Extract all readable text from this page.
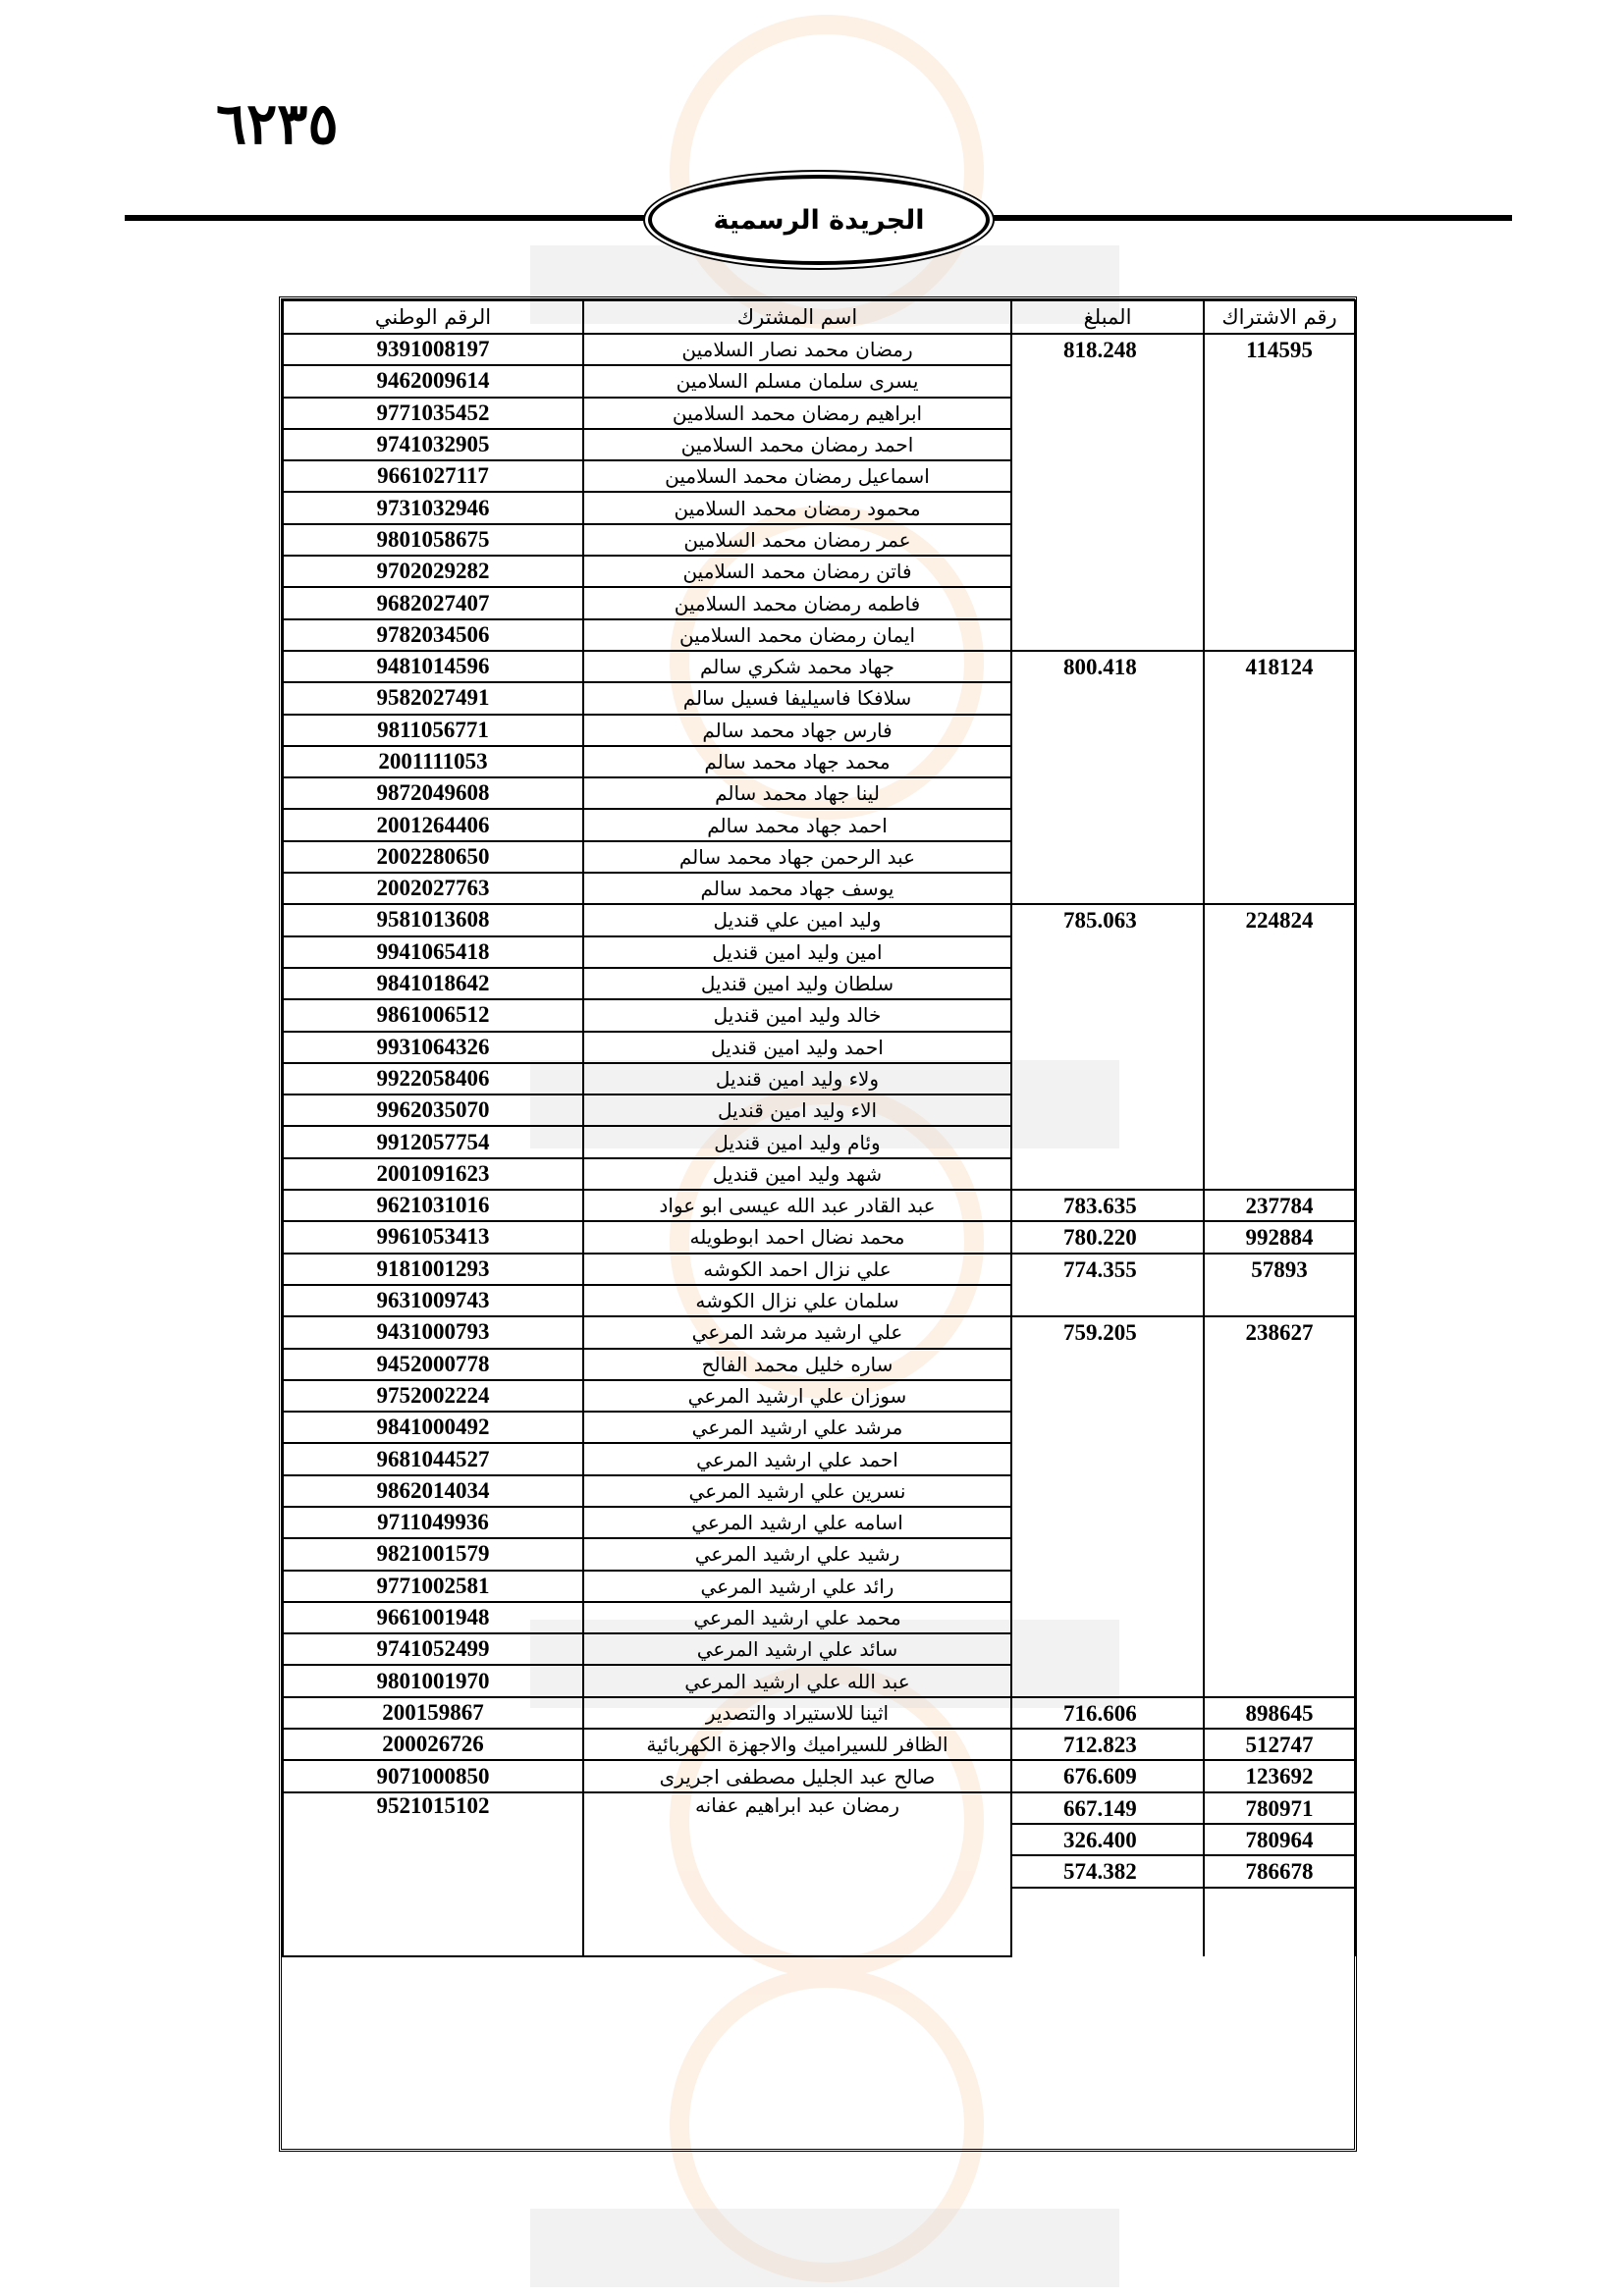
٦٢٣٥
الجريدة الرسمية
رقم الاشتراك	المبلغ	اسم المشترك	الرقم الوطني
114595	818.248	رمضان محمد نصار السلامين	9391008197
		يسرى سلمان مسلم السلامين	9462009614
		ابراهيم رمضان محمد السلامين	9771035452
		احمد رمضان محمد السلامين	9741032905
		اسماعيل رمضان محمد السلامين	9661027117
		محمود رمضان محمد السلامين	9731032946
		عمر رمضان محمد السلامين	9801058675
		فاتن رمضان محمد السلامين	9702029282
		فاطمه رمضان محمد السلامين	9682027407
		ايمان رمضان محمد السلامين	9782034506
418124	800.418	جهاد محمد شكري سالم	9481014596
		سلافكا فاسيليفا فسيل سالم	9582027491
		فارس جهاد محمد سالم	9811056771
		محمد جهاد محمد سالم	2001111053
		لينا جهاد محمد سالم	9872049608
		احمد جهاد محمد سالم	2001264406
		عبد الرحمن جهاد محمد سالم	2002280650
		يوسف جهاد محمد سالم	2002027763
224824	785.063	وليد امين علي قنديل	9581013608
		امين وليد امين قنديل	9941065418
		سلطان وليد امين قنديل	9841018642
		خالد وليد امين قنديل	9861006512
		احمد وليد امين قنديل	9931064326
		ولاء وليد امين قنديل	9922058406
		الاء وليد امين قنديل	9962035070
		وئام وليد امين قنديل	9912057754
		شهد وليد امين قنديل	2001091623
237784	783.635	عبد القادر عبد الله عيسى ابو عواد	9621031016
992884	780.220	محمد نضال احمد ابوطويله	9961053413
57893	774.355	علي نزال احمد الكوشه	9181001293
		سلمان علي نزال الكوشه	9631009743
238627	759.205	علي ارشيد مرشد المرعي	9431000793
		ساره خليل محمد الفالح	9452000778
		سوزان علي ارشيد المرعي	9752002224
		مرشد علي ارشيد المرعي	9841000492
		احمد علي ارشيد المرعي	9681044527
		نسرين علي ارشيد المرعي	9862014034
		اسامه علي ارشيد المرعي	9711049936
		رشيد علي ارشيد المرعي	9821001579
		رائد علي ارشيد المرعي	9771002581
		محمد علي ارشيد المرعي	9661001948
		سائد علي ارشيد المرعي	9741052499
		عبد الله علي ارشيد المرعي	9801001970
898645	716.606	اثينا للاستيراد والتصدير	200159867
512747	712.823	الظافر للسيراميك والاجهزة الكهربائية	200026726
123692	676.609	صالح عبد الجليل مصطفى اجريرى	9071000850
780971	667.149	رمضان عبد ابراهيم عفانه	9521015102
780964	326.400		
786678	574.382		
